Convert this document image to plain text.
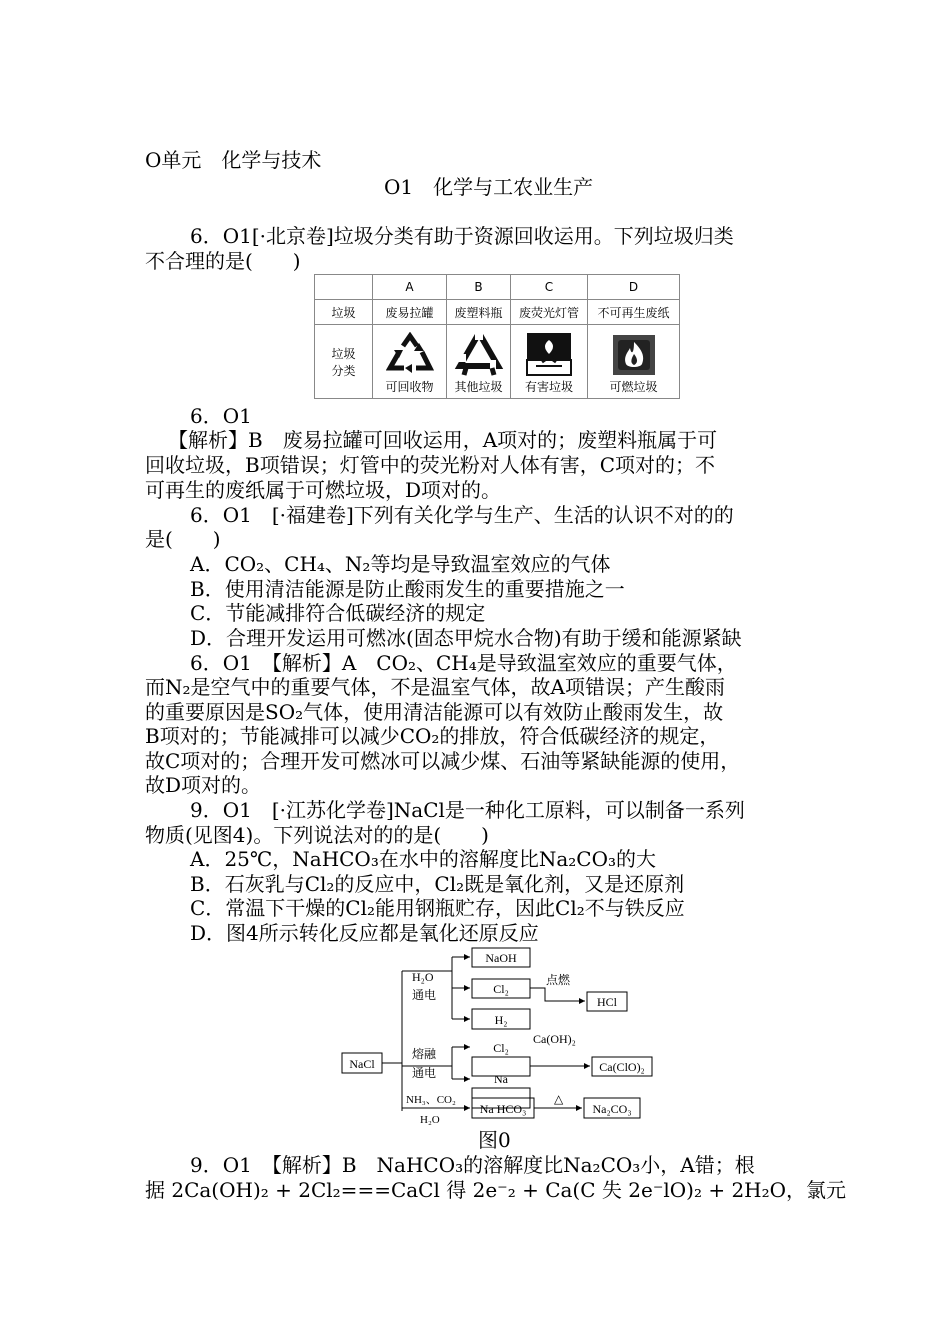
O单元　化学与技术
O1　化学与工农业生产
6．O1[·北京卷]垃圾分类有助于资源回收运用。下列垃圾归类
不合理的是(　　)
	A	B	C	D
垃圾	废易拉罐	废塑料瓶	废荧光灯管	不可再生废纸

垃圾
分类	可回收物	其他垃圾	有害垃圾	可燃垃圾
6．O1
【解析】B　废易拉罐可回收运用，A项对的；废塑料瓶属于可
回收垃圾，B项错误；灯管中的荧光粉对人体有害，C项对的；不
可再生的废纸属于可燃垃圾，D项对的。
6．O1　[·福建卷]下列有关化学与生产、生活的认识不对的的
是(　　)
A．CO₂、CH₄、N₂等均是导致温室效应的气体
B．使用清洁能源是防止酸雨发生的重要措施之一
C．节能减排符合低碳经济的规定
D．合理开发运用可燃冰(固态甲烷水合物)有助于缓和能源紧缺
6．O1　【解析】A　CO₂、CH₄是导致温室效应的重要气体，
而N₂是空气中的重要气体，不是温室气体，故A项错误；产生酸雨
的重要原因是SO₂气体，使用清洁能源可以有效防止酸雨发生，故
B项对的；节能减排可以减少CO₂的排放，符合低碳经济的规定，
故C项对的；合理开发可燃冰可以减少煤、石油等紧缺能源的使用，
故D项对的。
9．O1　[·江苏化学卷]NaCl是一种化工原料，可以制备一系列
物质(见图4)。下列说法对的的是(　　)
A．25℃，NaHCO₃在水中的溶解度比Na₂CO₃的大
B．石灰乳与Cl₂的反应中，Cl₂既是氧化剂，又是还原剂
C．常温下干燥的Cl₂能用钢瓶贮存，因此Cl₂不与铁反应
D．图4所示转化反应都是氧化还原反应
NaCl
H₂O
通电
NaOH
Cl₂
H₂
点燃
HCl
熔融
通电
Cl₂
Ca(OH)₂
Ca(ClO)₂
Na
NH₃、CO₂
H₂O
Na HCO₃
△
Na₂CO₃
图0
9．O1　【解析】B　NaHCO₃的溶解度比Na₂CO₃小，A错；根
据 2Ca(OH)₂ + 2Cl₂===CaCl 得 2e⁻₂ + Ca(C 失 2e⁻lO)₂ + 2H₂O，氯元
